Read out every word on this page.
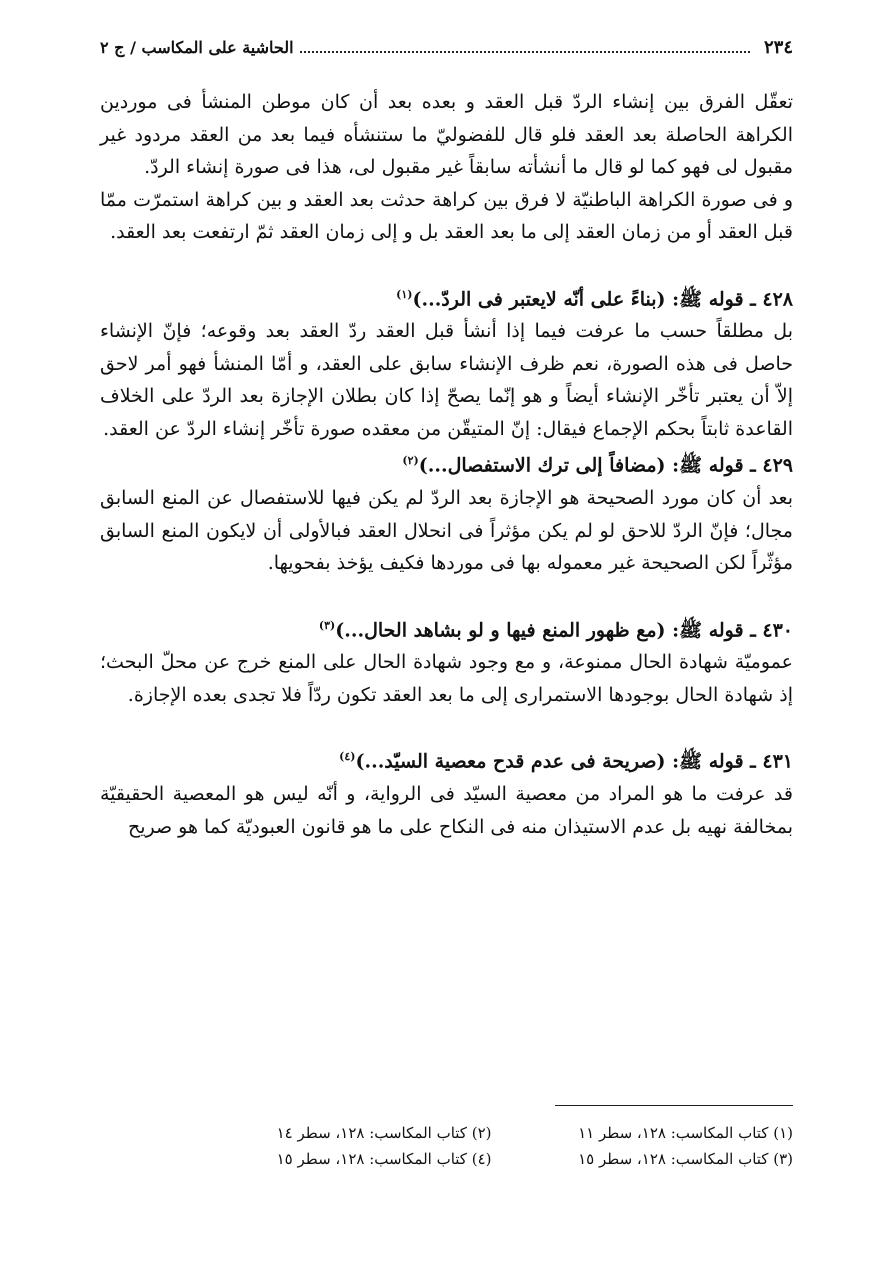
٢٣٤
الحاشية على المكاسب / ج ٢

تعقّل الفرق بين إنشاء الردّ قبل العقد و بعده بعد أن كان موطن المنشأ فى موردين الكراهة الحاصلة بعد العقد فلو قال للفضوليّ ما ستنشأه فيما بعد من العقد مردود غير مقبول لى فهو كما لو قال ما أنشأته سابقاً غير مقبول لى، هذا فى صورة إنشاء الردّ.

و فى صورة الكراهة الباطنيّة لا فرق بين كراهة حدثت بعد العقد و بين كراهة استمرّت ممّا قبل العقد أو من زمان العقد إلى ما بعد العقد بل و إلى زمان العقد ثمّ ارتفعت بعد العقد.

٤٢٨ ـ قوله ﷺ: (بناءً على أنّه لايعتبر فى الردّ...)$^{(١)}$

بل مطلقاً حسب ما عرفت فيما إذا أنشأ قبل العقد ردّ العقد بعد وقوعه؛ فإنّ الإنشاء حاصل فى هذه الصورة، نعم ظرف الإنشاء سابق على العقد، و أمّا المنشأ فهو أمر لاحق إلاّ أن يعتبر تأخّر الإنشاء أيضاً و هو إنّما يصحّ إذا كان بطلان الإجازة بعد الردّ على الخلاف القاعدة ثابتاً بحكم الإجماع فيقال: إنّ المتيقّن من معقده صورة تأخّر إنشاء الردّ عن العقد.

٤٢٩ ـ قوله ﷺ: (مضافاً إلى ترك الاستفصال...)$^{(٢)}$

بعد أن كان مورد الصحيحة هو الإجازة بعد الردّ لم يكن فيها للاستفصال عن المنع السابق مجال؛ فإنّ الردّ للاحق لو لم يكن مؤثراً فى انحلال العقد فبالأولى أن لايكون المنع السابق مؤثّراً لكن الصحيحة غير معموله بها فى موردها فكيف يؤخذ بفحويها.

٤٣٠ ـ قوله ﷺ: (مع ظهور المنع فيها و لو بشاهد الحال...)$^{(٣)}$

عموميّة شهادة الحال ممنوعة، و مع وجود شهادة الحال على المنع خرج عن محلّ البحث؛ إذ شهادة الحال بوجودها الاستمرارى إلى ما بعد العقد تكون ردّاً فلا تجدى بعده الإجازة.

٤٣١ ـ قوله ﷺ: (صريحة فى عدم قدح معصية السيّد...)$^{(٤)}$

قد عرفت ما هو المراد من معصية السيّد فى الرواية، و أنّه ليس هو المعصية الحقيقيّة بمخالفة نهيه بل عدم الاستيذان منه فى النكاح على ما هو قانون العبوديّة كما هو صريح

(١) كتاب المكاسب: ١٢٨، سطر ١١
(٢) كتاب المكاسب: ١٢٨، سطر ١٤
(٣) كتاب المكاسب: ١٢٨، سطر ١٥
(٤) كتاب المكاسب: ١٢٨، سطر ١٥
